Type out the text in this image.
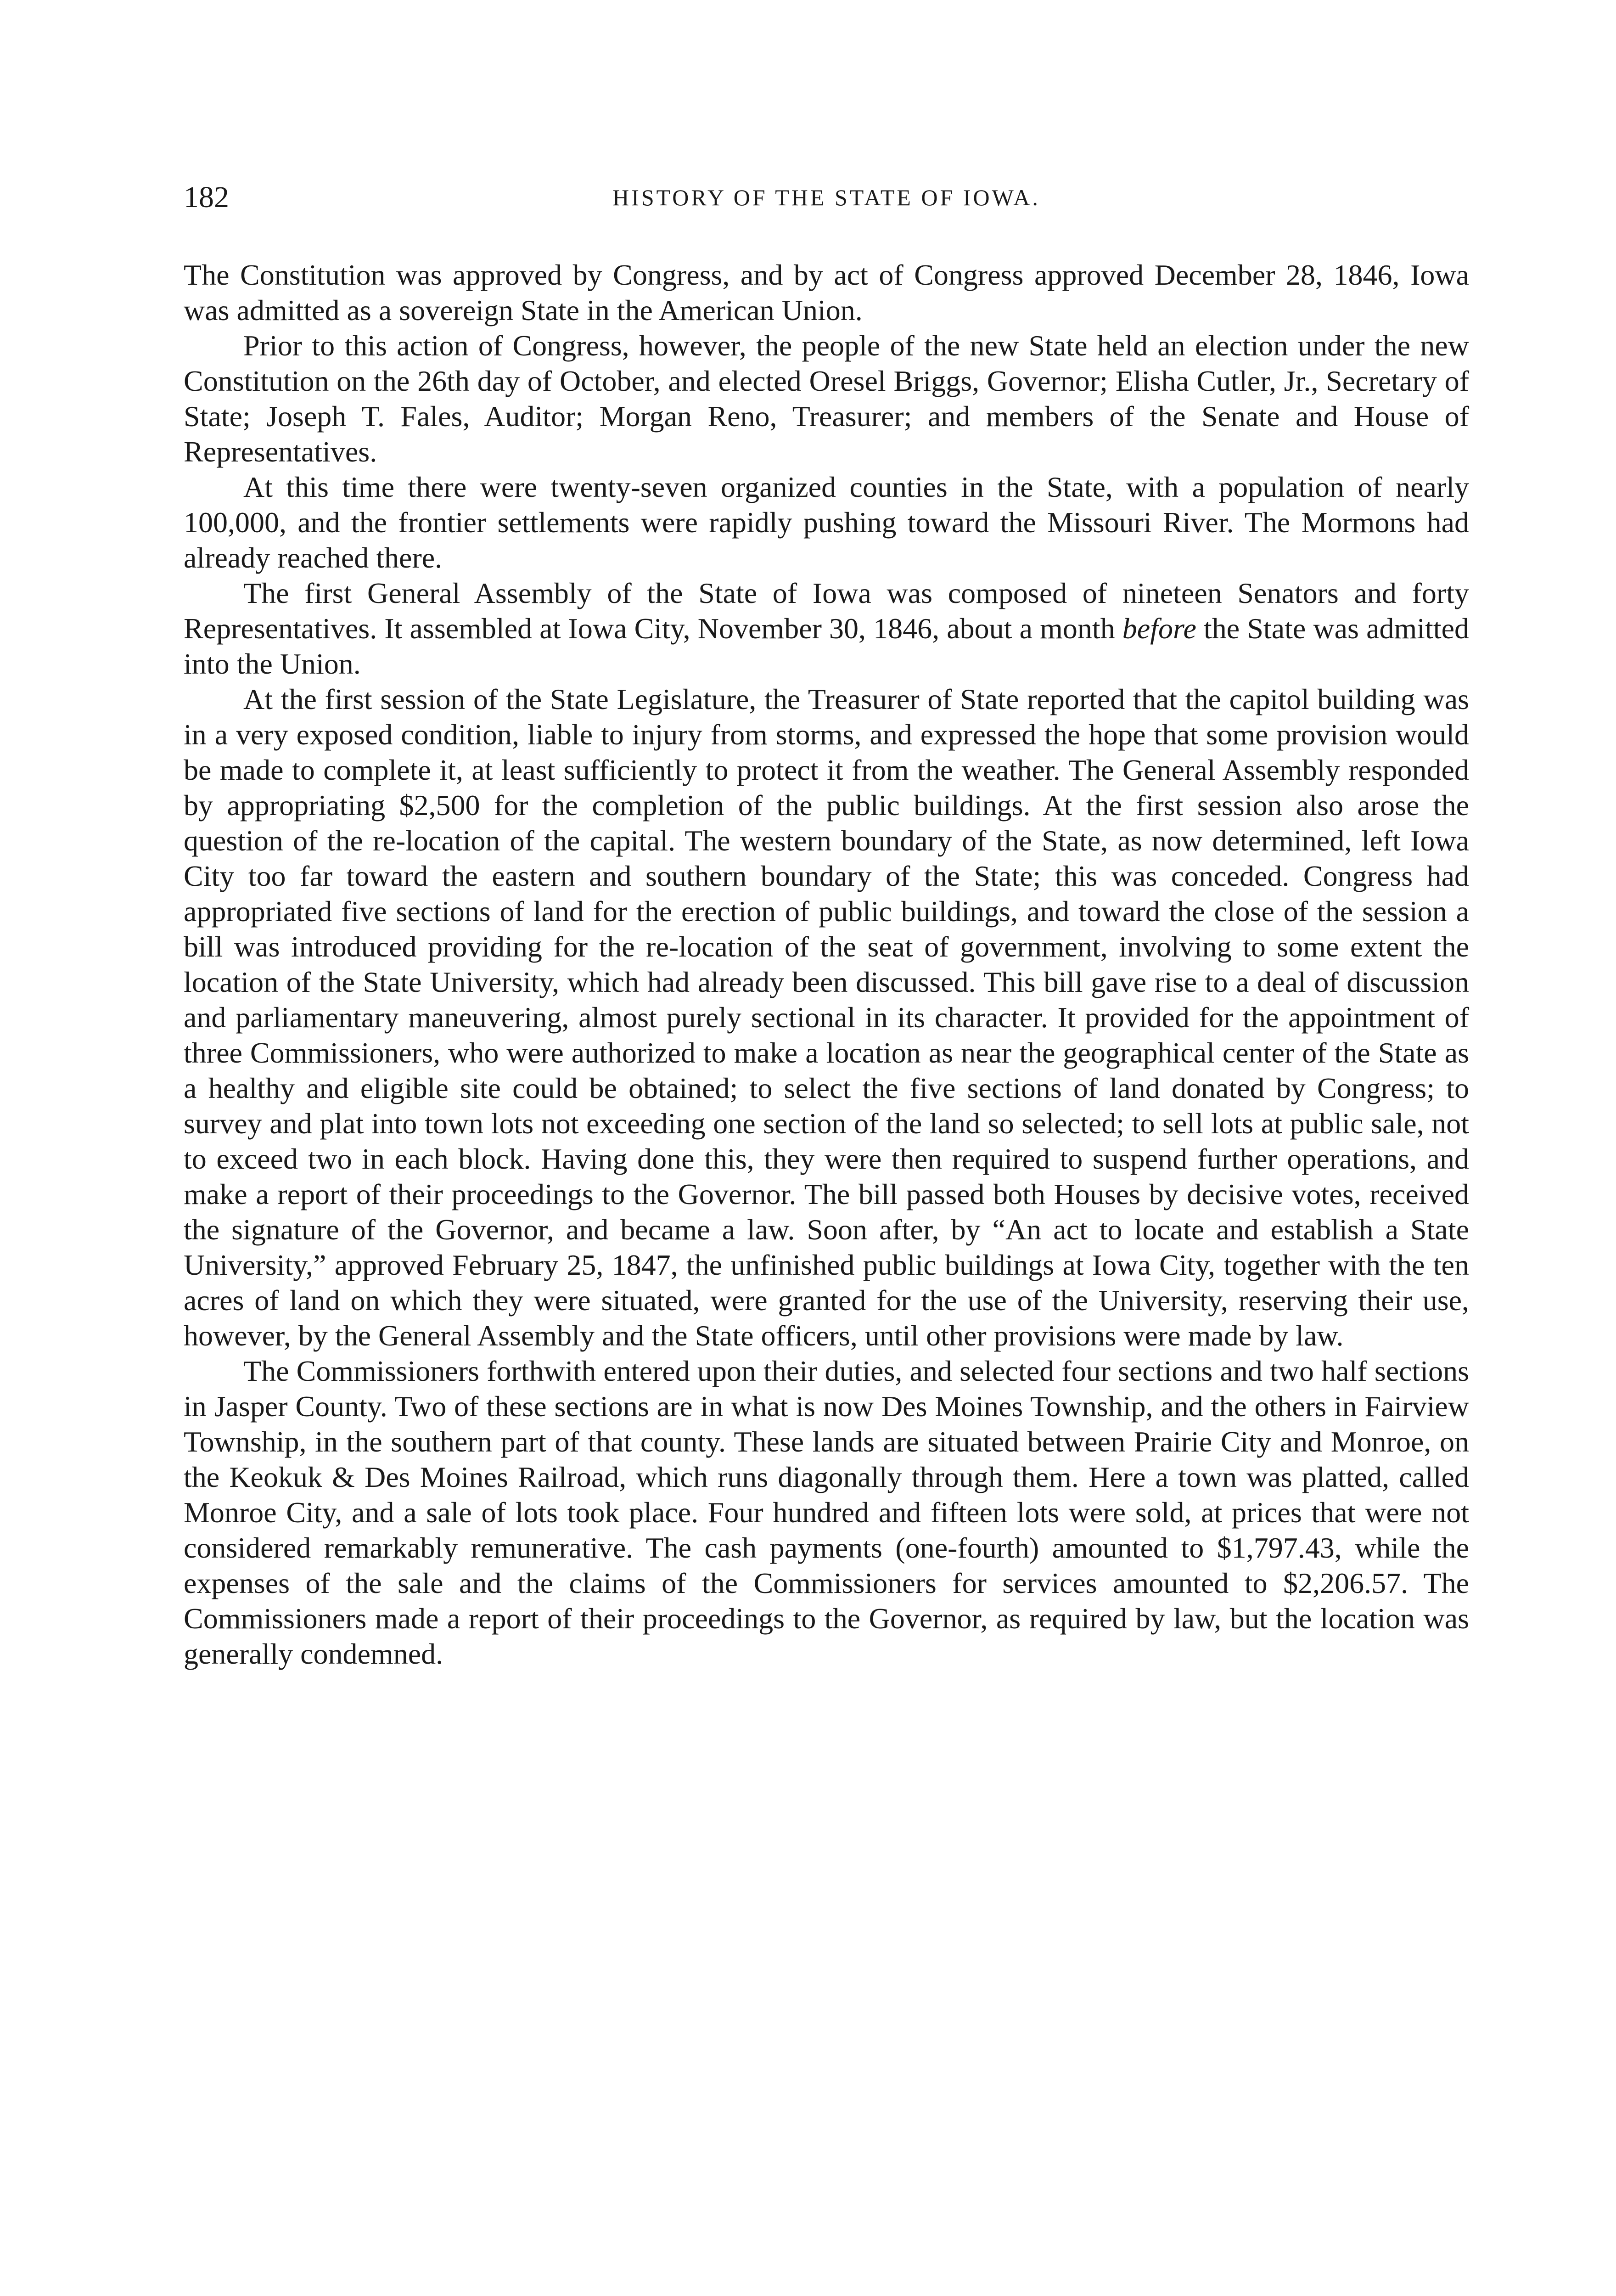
182	HISTORY OF THE STATE OF IOWA.

The Constitution was approved by Congress, and by act of Congress approved December 28, 1846, Iowa was admitted as a sovereign State in the American Union.

Prior to this action of Congress, however, the people of the new State held an election under the new Constitution on the 26th day of October, and elected Oresel Briggs, Governor; Elisha Cutler, Jr., Secretary of State; Joseph T. Fales, Auditor; Morgan Reno, Treasurer; and members of the Senate and House of Representatives.

At this time there were twenty-seven organized counties in the State, with a population of nearly 100,000, and the frontier settlements were rapidly pushing toward the Missouri River. The Mormons had already reached there.

The first General Assembly of the State of Iowa was composed of nineteen Senators and forty Representatives. It assembled at Iowa City, November 30, 1846, about a month before the State was admitted into the Union.

At the first session of the State Legislature, the Treasurer of State reported that the capitol building was in a very exposed condition, liable to injury from storms, and expressed the hope that some provision would be made to complete it, at least sufficiently to protect it from the weather. The General Assembly responded by appropriating $2,500 for the completion of the public buildings. At the first session also arose the question of the re-location of the capital. The western boundary of the State, as now determined, left Iowa City too far toward the eastern and southern boundary of the State; this was conceded. Congress had appropriated five sections of land for the erection of public buildings, and toward the close of the session a bill was introduced providing for the re-location of the seat of government, involving to some extent the location of the State University, which had already been discussed. This bill gave rise to a deal of discussion and parliamentary maneuvering, almost purely sectional in its character. It provided for the appointment of three Commissioners, who were authorized to make a location as near the geographical center of the State as a healthy and eligible site could be obtained; to select the five sections of land donated by Congress; to survey and plat into town lots not exceeding one section of the land so selected; to sell lots at public sale, not to exceed two in each block. Having done this, they were then required to suspend further operations, and make a report of their proceedings to the Governor. The bill passed both Houses by decisive votes, received the signature of the Governor, and became a law. Soon after, by “An act to locate and establish a State University,” approved February 25, 1847, the unfinished public buildings at Iowa City, together with the ten acres of land on which they were situated, were granted for the use of the University, reserving their use, however, by the General Assembly and the State officers, until other provisions were made by law.

The Commissioners forthwith entered upon their duties, and selected four sections and two half sections in Jasper County. Two of these sections are in what is now Des Moines Township, and the others in Fairview Township, in the southern part of that county. These lands are situated between Prairie City and Monroe, on the Keokuk & Des Moines Railroad, which runs diagonally through them. Here a town was platted, called Monroe City, and a sale of lots took place. Four hundred and fifteen lots were sold, at prices that were not considered remarkably remunerative. The cash payments (one-fourth) amounted to $1,797.43, while the expenses of the sale and the claims of the Commissioners for services amounted to $2,206.57. The Commissioners made a report of their proceedings to the Governor, as required by law, but the location was generally condemned.
